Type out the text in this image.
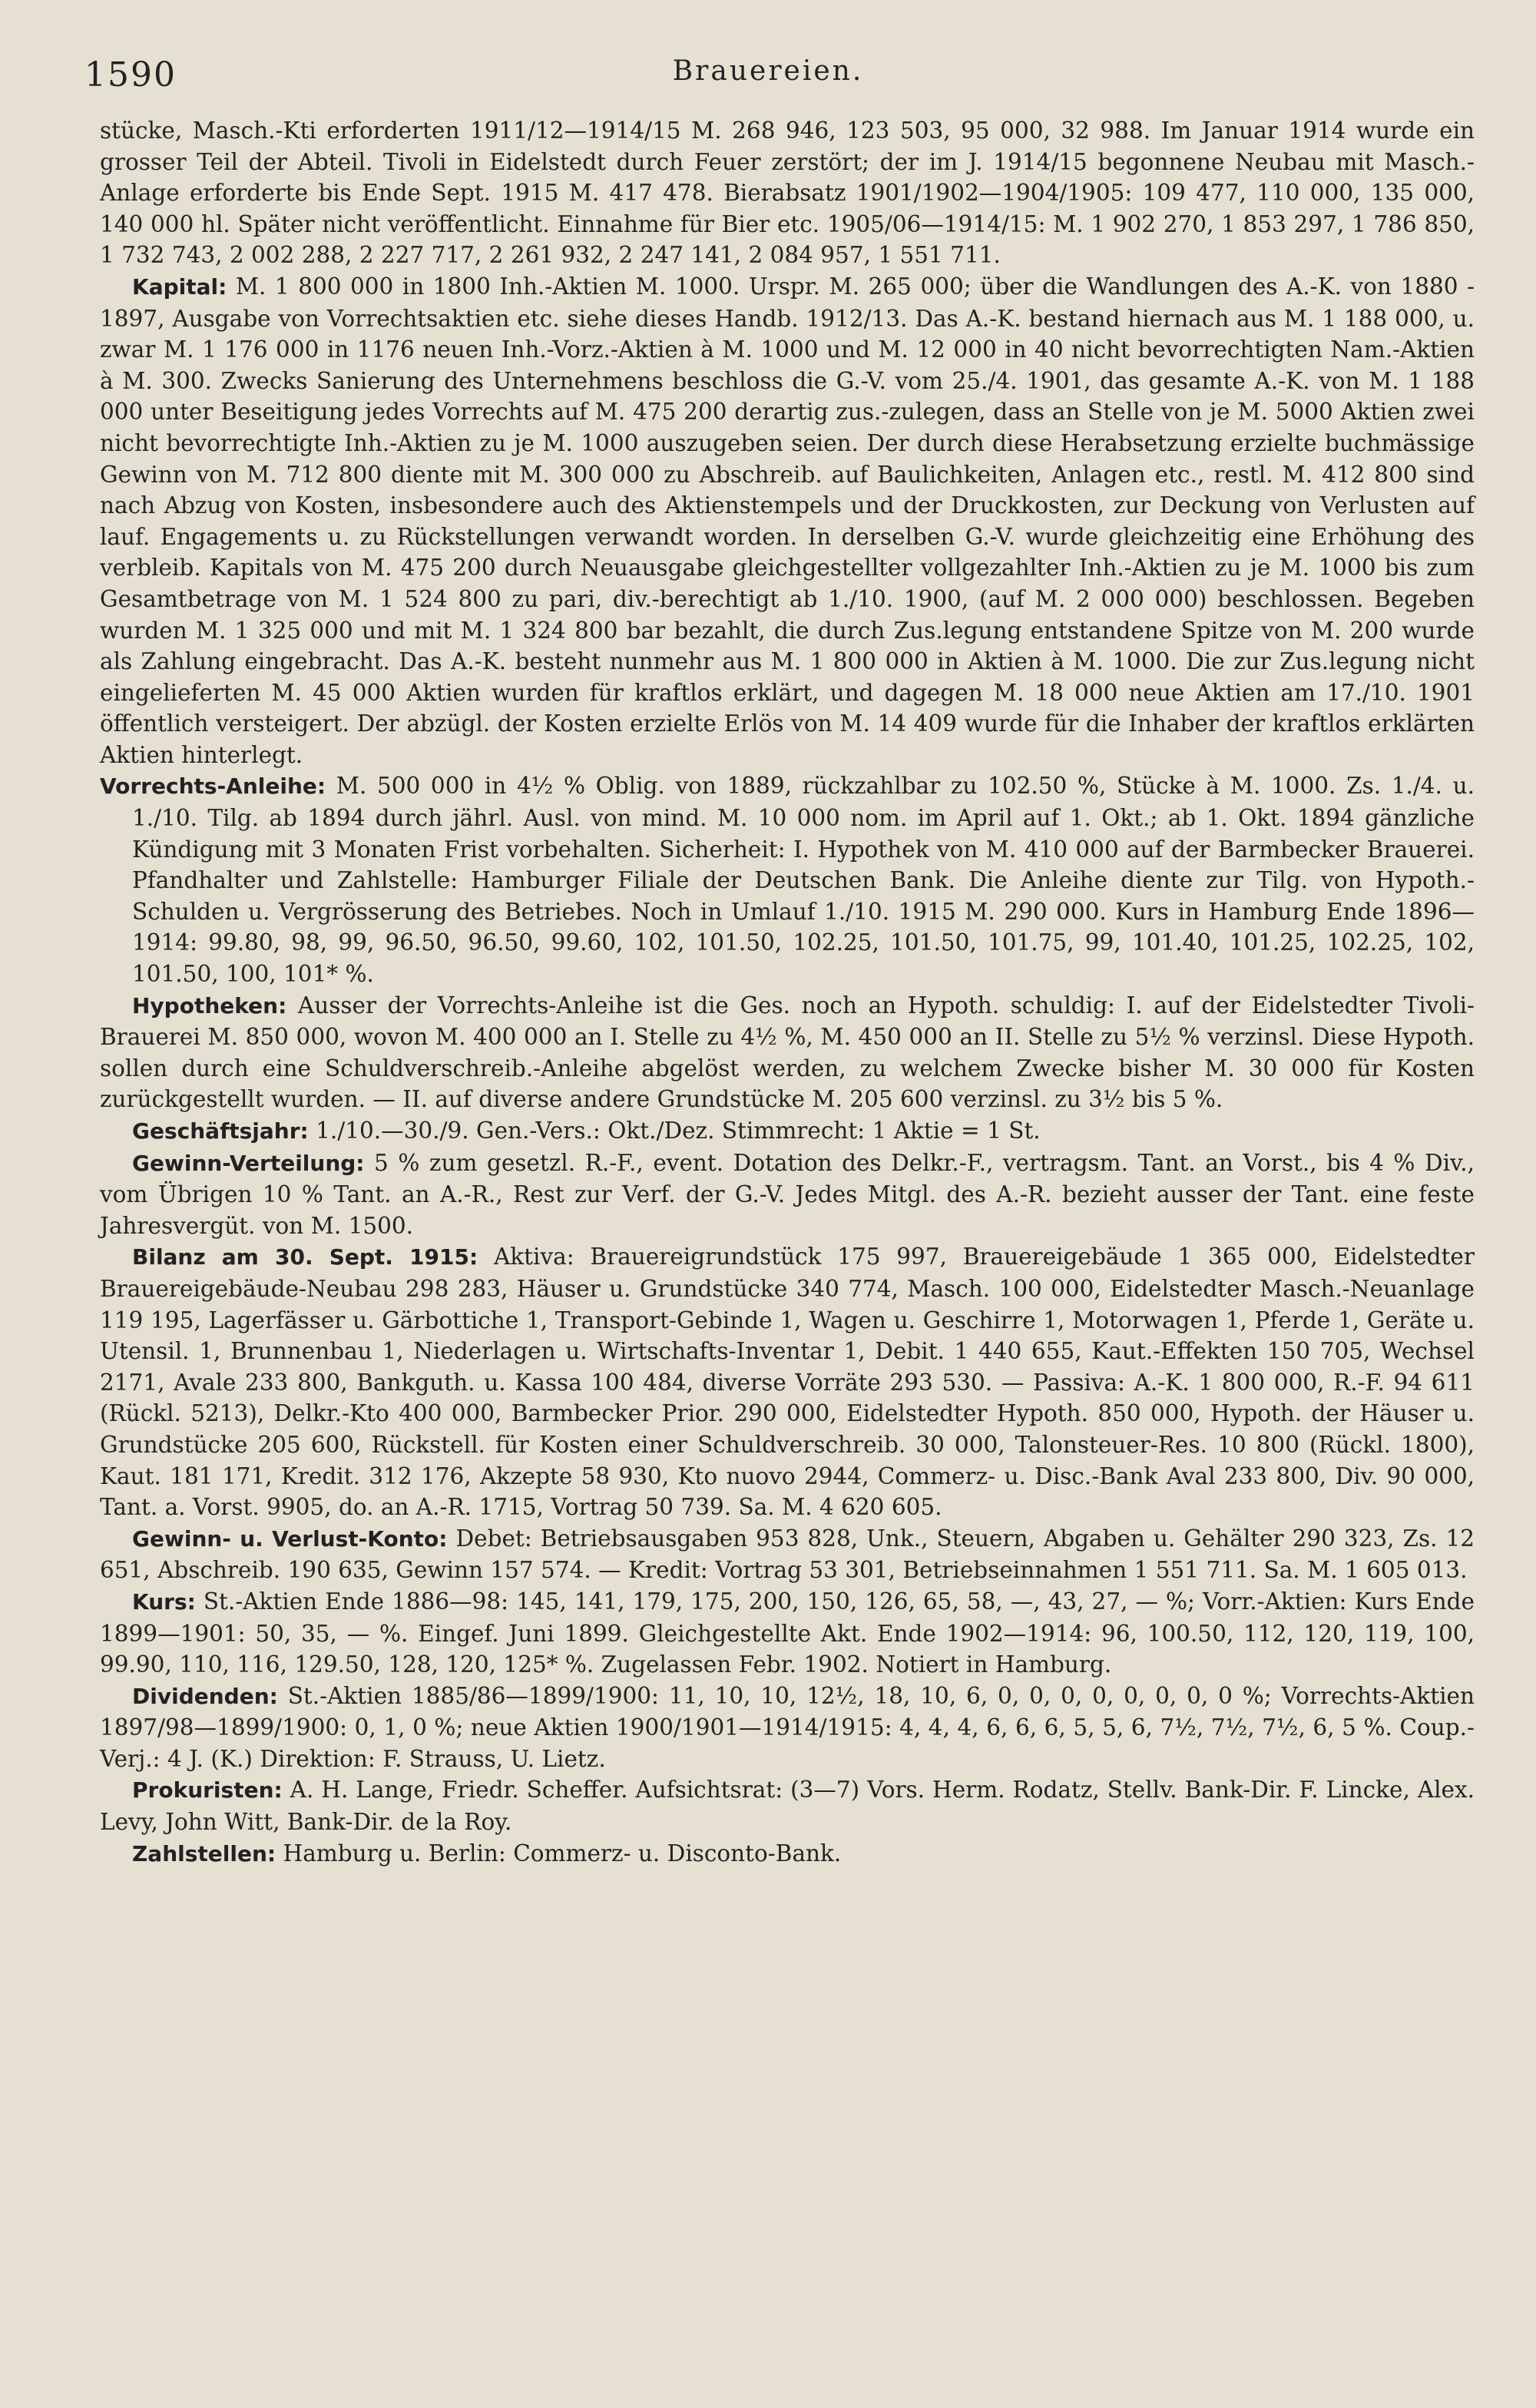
1590	Brauereien.

stücke, Masch.-Kti erforderten 1911/12—1914/15 M. 268 946, 123 503, 95 000, 32 988. Im Januar 1914 wurde ein grosser Teil der Abteil. Tivoli in Eidelstedt durch Feuer zerstört; der im J. 1914/15 begonnene Neubau mit Masch.-Anlage erforderte bis Ende Sept. 1915 M. 417 478. Bierabsatz 1901/1902—1904/1905: 109 477, 110 000, 135 000, 140 000 hl. Später nicht veröffentlicht. Einnahme für Bier etc. 1905/06—1914/15: M. 1 902 270, 1 853 297, 1 786 850, 1 732 743, 2 002 288, 2 227 717, 2 261 932, 2 247 141, 2 084 957, 1 551 711.

Kapital: M. 1 800 000 in 1800 Inh.-Aktien M. 1000. Urspr. M. 265 000; über die Wandlungen des A.-K. von 1880 - 1897, Ausgabe von Vorrechtsaktien etc. siehe dieses Handb. 1912/13. Das A.-K. bestand hiernach aus M. 1 188 000, u. zwar M. 1 176 000 in 1176 neuen Inh.-Vorz.-Aktien à M. 1000 und M. 12 000 in 40 nicht bevorrechtigten Nam.-Aktien à M. 300. Zwecks Sanierung des Unternehmens beschloss die G.-V. vom 25./4. 1901, das gesamte A.-K. von M. 1 188 000 unter Beseitigung jedes Vorrechts auf M. 475 200 derartig zus.-zulegen, dass an Stelle von je M. 5000 Aktien zwei nicht bevorrechtigte Inh.-Aktien zu je M. 1000 auszugeben seien. Der durch diese Herabsetzung erzielte buchmässige Gewinn von M. 712 800 diente mit M. 300 000 zu Abschreib. auf Baulichkeiten, Anlagen etc., restl. M. 412 800 sind nach Abzug von Kosten, insbesondere auch des Aktienstempels und der Druckkosten, zur Deckung von Verlusten auf lauf. Engagements u. zu Rückstellungen verwandt worden. In derselben G.-V. wurde gleichzeitig eine Erhöhung des verbleib. Kapitals von M. 475 200 durch Neuausgabe gleichgestellter vollgezahlter Inh.-Aktien zu je M. 1000 bis zum Gesamtbetrage von M. 1 524 800 zu pari, div.-berechtigt ab 1./10. 1900, (auf M. 2 000 000) beschlossen. Begeben wurden M. 1 325 000 und mit M. 1 324 800 bar bezahlt, die durch Zus.legung entstandene Spitze von M. 200 wurde als Zahlung eingebracht. Das A.-K. besteht nunmehr aus M. 1 800 000 in Aktien à M. 1000. Die zur Zus.legung nicht eingelieferten M. 45 000 Aktien wurden für kraftlos erklärt, und dagegen M. 18 000 neue Aktien am 17./10. 1901 öffentlich versteigert. Der abzügl. der Kosten erzielte Erlös von M. 14 409 wurde für die Inhaber der kraftlos erklärten Aktien hinterlegt.

Vorrechts-Anleihe: M. 500 000 in 4½ % Oblig. von 1889, rückzahlbar zu 102.50 %, Stücke à M. 1000. Zs. 1./4. u. 1./10. Tilg. ab 1894 durch jährl. Ausl. von mind. M. 10 000 nom. im April auf 1. Okt.; ab 1. Okt. 1894 gänzliche Kündigung mit 3 Monaten Frist vorbehalten. Sicherheit: I. Hypothek von M. 410 000 auf der Barmbecker Brauerei. Pfandhalter und Zahlstelle: Hamburger Filiale der Deutschen Bank. Die Anleihe diente zur Tilg. von Hypoth.-Schulden u. Vergrösserung des Betriebes. Noch in Umlauf 1./10. 1915 M. 290 000. Kurs in Hamburg Ende 1896—1914: 99.80, 98, 99, 96.50, 96.50, 99.60, 102, 101.50, 102.25, 101.50, 101.75, 99, 101.40, 101.25, 102.25, 102, 101.50, 100, 101* %.

Hypotheken: Ausser der Vorrechts-Anleihe ist die Ges. noch an Hypoth. schuldig: I. auf der Eidelstedter Tivoli-Brauerei M. 850 000, wovon M. 400 000 an I. Stelle zu 4½ %, M. 450 000 an II. Stelle zu 5½ % verzinsl. Diese Hypoth. sollen durch eine Schuldverschreib.-Anleihe abgelöst werden, zu welchem Zwecke bisher M. 30 000 für Kosten zurückgestellt wurden. — II. auf diverse andere Grundstücke M. 205 600 verzinsl. zu 3½ bis 5 %.

Geschäftsjahr: 1./10.—30./9. Gen.-Vers.: Okt./Dez. Stimmrecht: 1 Aktie = 1 St.

Gewinn-Verteilung: 5 % zum gesetzl. R.-F., event. Dotation des Delkr.-F., vertragsm. Tant. an Vorst., bis 4 % Div., vom Übrigen 10 % Tant. an A.-R., Rest zur Verf. der G.-V. Jedes Mitgl. des A.-R. bezieht ausser der Tant. eine feste Jahresvergüt. von M. 1500.

Bilanz am 30. Sept. 1915: Aktiva: Brauereigrundstück 175 997, Brauereigebäude 1 365 000, Eidelstedter Brauereigebäude-Neubau 298 283, Häuser u. Grundstücke 340 774, Masch. 100 000, Eidelstedter Masch.-Neuanlage 119 195, Lagerfässer u. Gärbottiche 1, Transport-Gebinde 1, Wagen u. Geschirre 1, Motorwagen 1, Pferde 1, Geräte u. Utensil. 1, Brunnenbau 1, Niederlagen u. Wirtschafts-Inventar 1, Debit. 1 440 655, Kaut.-Effekten 150 705, Wechsel 2171, Avale 233 800, Bankguth. u. Kassa 100 484, diverse Vorräte 293 530. — Passiva: A.-K. 1 800 000, R.-F. 94 611 (Rückl. 5213), Delkr.-Kto 400 000, Barmbecker Prior. 290 000, Eidelstedter Hypoth. 850 000, Hypoth. der Häuser u. Grundstücke 205 600, Rückstell. für Kosten einer Schuldverschreib. 30 000, Talonsteuer-Res. 10 800 (Rückl. 1800), Kaut. 181 171, Kredit. 312 176, Akzepte 58 930, Kto nuovo 2944, Commerz- u. Disc.-Bank Aval 233 800, Div. 90 000, Tant. a. Vorst. 9905, do. an A.-R. 1715, Vortrag 50 739. Sa. M. 4 620 605.

Gewinn- u. Verlust-Konto: Debet: Betriebsausgaben 953 828, Unk., Steuern, Abgaben u. Gehälter 290 323, Zs. 12 651, Abschreib. 190 635, Gewinn 157 574. — Kredit: Vortrag 53 301, Betriebseinnahmen 1 551 711. Sa. M. 1 605 013.

Kurs: St.-Aktien Ende 1886—98: 145, 141, 179, 175, 200, 150, 126, 65, 58, —, 43, 27, — %; Vorr.-Aktien: Kurs Ende 1899—1901: 50, 35, — %. Eingef. Juni 1899. Gleichgestellte Akt. Ende 1902—1914: 96, 100.50, 112, 120, 119, 100, 99.90, 110, 116, 129.50, 128, 120, 125* %. Zugelassen Febr. 1902. Notiert in Hamburg.

Dividenden: St.-Aktien 1885/86—1899/1900: 11, 10, 10, 12½, 18, 10, 6, 0, 0, 0, 0, 0, 0, 0, 0 %; Vorrechts-Aktien 1897/98—1899/1900: 0, 1, 0 %; neue Aktien 1900/1901—1914/1915: 4, 4, 4, 6, 6, 6, 5, 5, 6, 7½, 7½, 7½, 6, 5 %. Coup.-Verj.: 4 J. (K.) Direktion: F. Strauss, U. Lietz.

Prokuristen: A. H. Lange, Friedr. Scheffer. Aufsichtsrat: (3—7) Vors. Herm. Rodatz, Stellv. Bank-Dir. F. Lincke, Alex. Levy, John Witt, Bank-Dir. de la Roy.

Zahlstellen: Hamburg u. Berlin: Commerz- u. Disconto-Bank.
